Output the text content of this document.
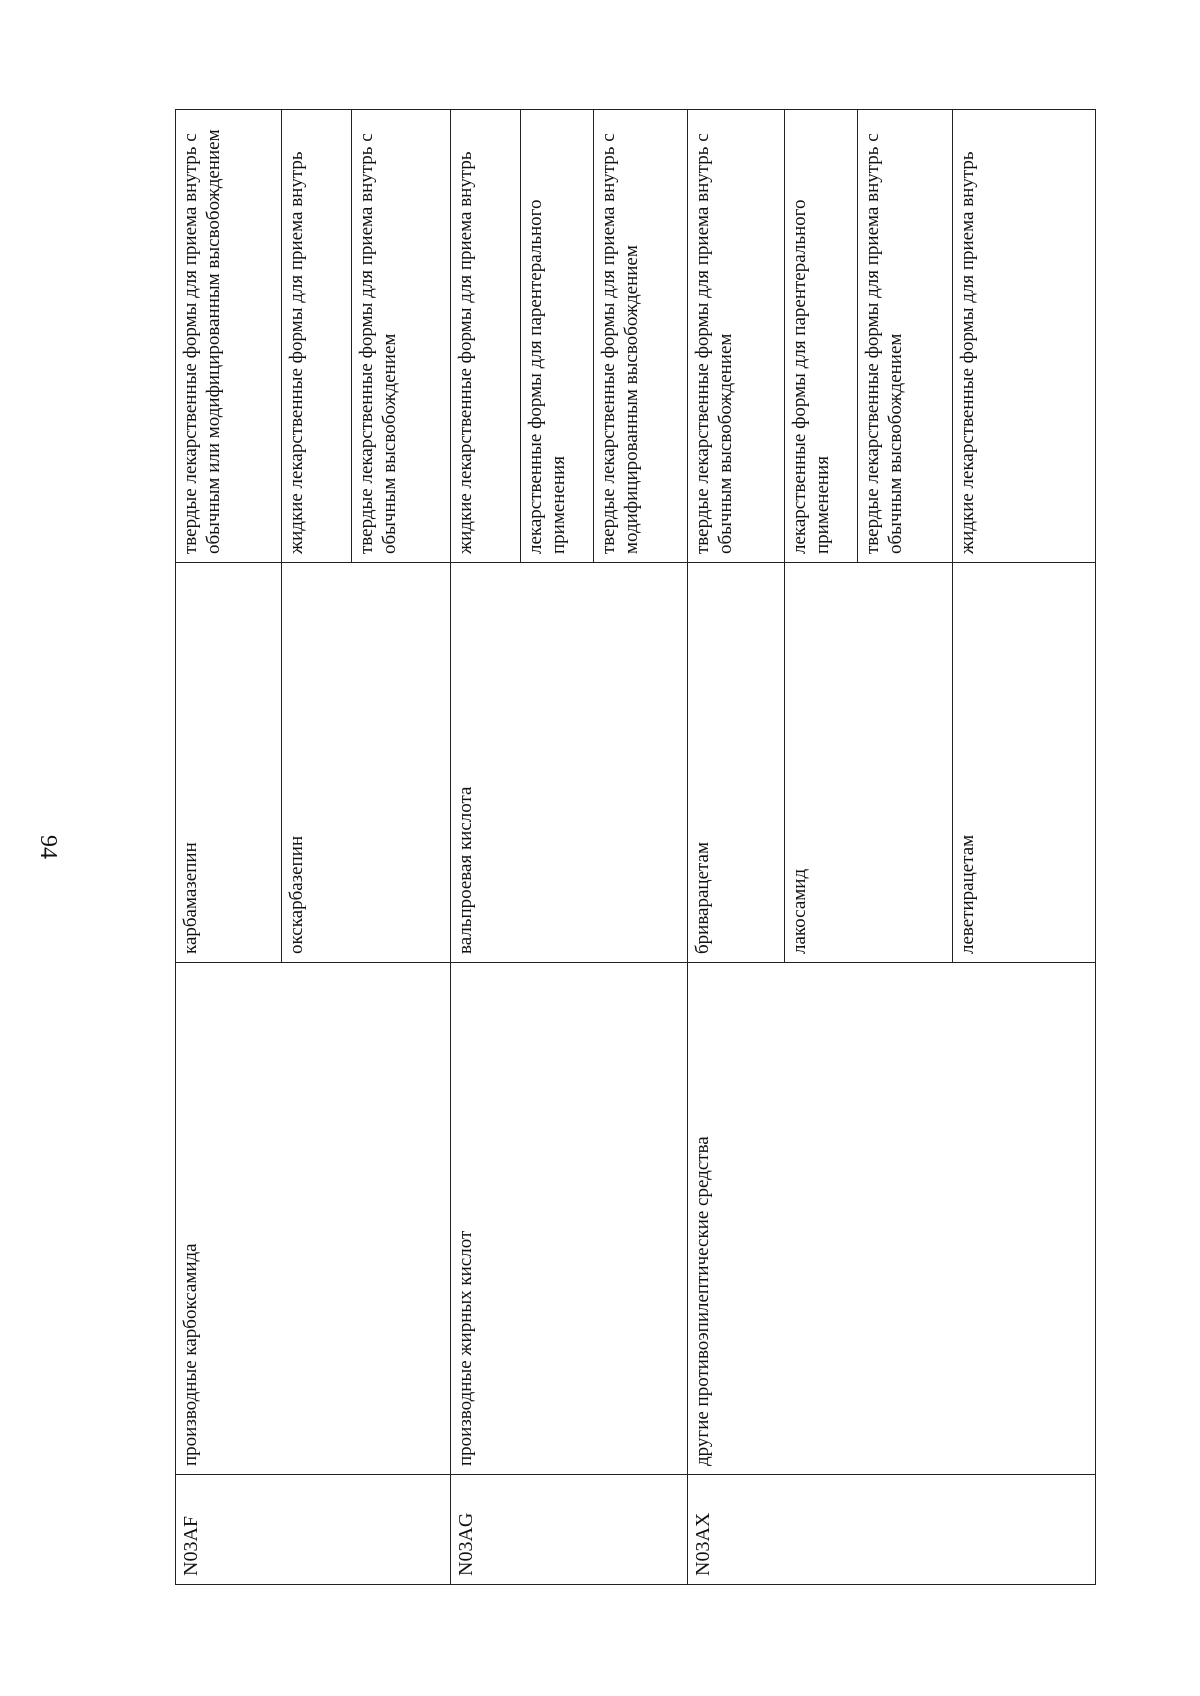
94
N03AF	производные карбоксамида	карбамазепин	твердые лекарственные формы для приема внутрь с обычным или модифицированным высвобождением
		окскарбазепин	жидкие лекарственные формы для приема внутрь
			твердые лекарственные формы для приема внутрь с обычным высвобождением
N03AG	производные жирных кислот	вальпроевая кислота	жидкие лекарственные формы для приема внутрь
			лекарственные формы для парентерального применения
			твердые лекарственные формы для приема внутрь с модифицированным высвобождением
N03AX	другие противоэпилептические средства	бриварацетам	твердые лекарственные формы для приема внутрь с обычным высвобождением
		лакосамид	лекарственные формы для парентерального применения
			твердые лекарственные формы для приема внутрь с обычным высвобождением
		леветирацетам	жидкие лекарственные формы для приема внутрь
